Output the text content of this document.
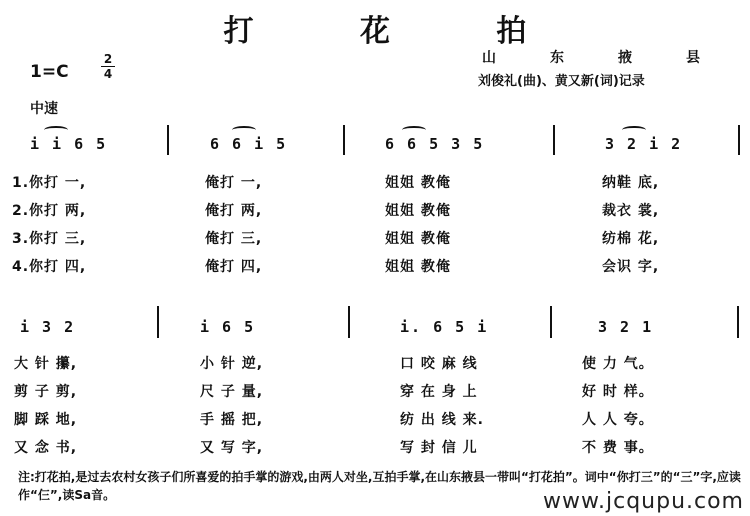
打 花 拍
1=C
2
4
山	东	掖	县
刘俊礼(曲)、黄又新(词)记录
中速
i i 6 5	6 6 i 5	6 6 5 3 5	3 2 i 2
1.你打 一,	俺打 一,	姐姐 教俺	纳鞋 底,
2.你打 两,	俺打 两,	姐姐 教俺	裁衣 裳,
3.你打 三,	俺打 三,	姐姐 教俺	纺棉 花,
4.你打 四,	俺打 四,	姐姐 教俺	会识 字,
i 3 2	i 6 5	i. 6 5 i	3 2 1
大 针 攥,	小 针 逆,	口 咬 麻 线	使 力 气。
剪 子 剪,	尺 子 量,	穿 在 身 上	好 时 样。
脚 踩 地,	手 摇 把,	纺 出 线 来.	人 人 夸。
又 念 书,	又 写 字,	写 封 信 儿	不 费 事。
注:打花拍,是过去农村女孩子们所喜爱的拍手掌的游戏,由两人对坐,互拍手掌,在山东掖县一带叫“打花拍”。词中“你打三”的“三”字,应读作“仨”,读Sa音。	www.jcqupu.com
